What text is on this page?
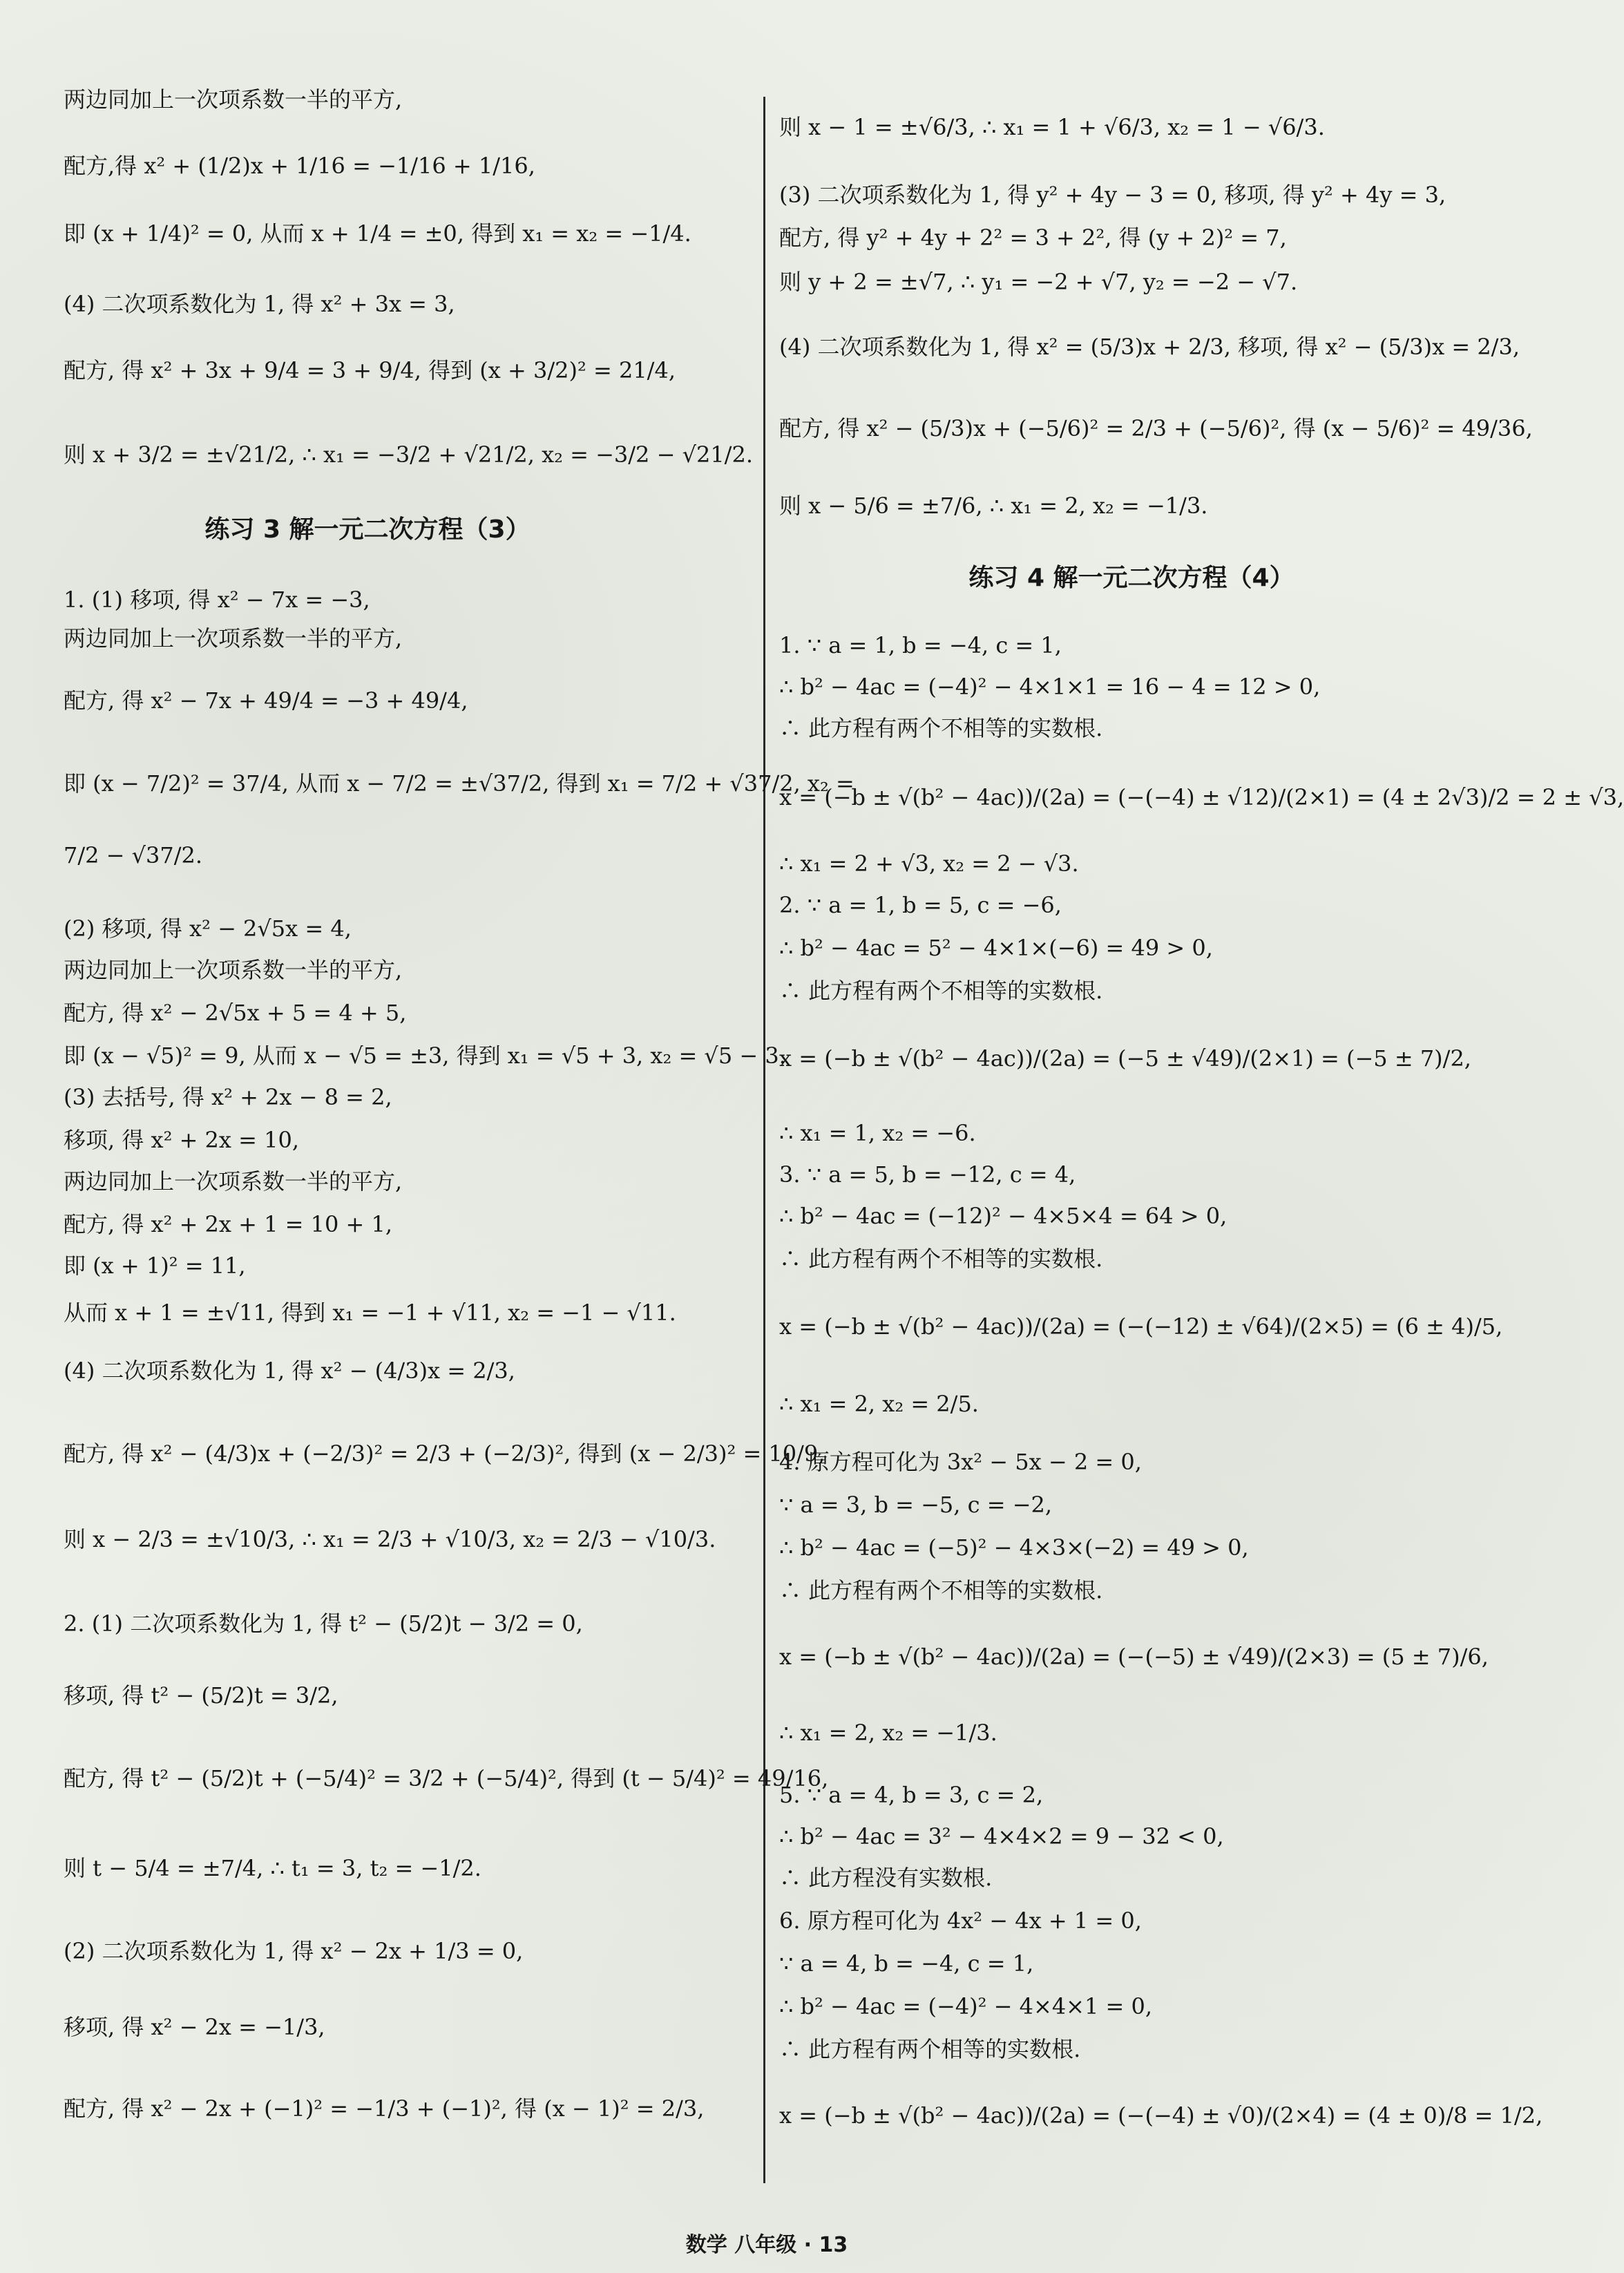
两边同加上一次项系数一半的平方,
配方,得 x² + (1/2)x + 1/16 = −1/16 + 1/16,
即 (x + 1/4)² = 0, 从而 x + 1/4 = ±0, 得到 x₁ = x₂ = −1/4.
(4) 二次项系数化为 1, 得 x² + 3x = 3,
配方, 得 x² + 3x + 9/4 = 3 + 9/4, 得到 (x + 3/2)² = 21/4,
则 x + 3/2 = ±√21/2, ∴ x₁ = −3/2 + √21/2, x₂ = −3/2 − √21/2.
练习 3 解一元二次方程（3）
1. (1) 移项, 得 x² − 7x = −3,
两边同加上一次项系数一半的平方,
配方, 得 x² − 7x + 49/4 = −3 + 49/4,
即 (x − 7/2)² = 37/4, 从而 x − 7/2 = ±√37/2, 得到 x₁ = 7/2 + √37/2, x₂ =
7/2 − √37/2.
(2) 移项, 得 x² − 2√5x = 4,
两边同加上一次项系数一半的平方,
配方, 得 x² − 2√5x + 5 = 4 + 5,
即 (x − √5)² = 9, 从而 x − √5 = ±3, 得到 x₁ = √5 + 3, x₂ = √5 − 3.
(3) 去括号, 得 x² + 2x − 8 = 2,
移项, 得 x² + 2x = 10,
两边同加上一次项系数一半的平方,
配方, 得 x² + 2x + 1 = 10 + 1,
即 (x + 1)² = 11,
从而 x + 1 = ±√11, 得到 x₁ = −1 + √11, x₂ = −1 − √11.
(4) 二次项系数化为 1, 得 x² − (4/3)x = 2/3,
配方, 得 x² − (4/3)x + (−2/3)² = 2/3 + (−2/3)², 得到 (x − 2/3)² = 10/9,
则 x − 2/3 = ±√10/3, ∴ x₁ = 2/3 + √10/3, x₂ = 2/3 − √10/3.
2. (1) 二次项系数化为 1, 得 t² − (5/2)t − 3/2 = 0,
移项, 得 t² − (5/2)t = 3/2,
配方, 得 t² − (5/2)t + (−5/4)² = 3/2 + (−5/4)², 得到 (t − 5/4)² = 49/16,
则 t − 5/4 = ±7/4, ∴ t₁ = 3, t₂ = −1/2.
(2) 二次项系数化为 1, 得 x² − 2x + 1/3 = 0,
移项, 得 x² − 2x = −1/3,
配方, 得 x² − 2x + (−1)² = −1/3 + (−1)², 得 (x − 1)² = 2/3,
则 x − 1 = ±√6/3, ∴ x₁ = 1 + √6/3, x₂ = 1 − √6/3.
(3) 二次项系数化为 1, 得 y² + 4y − 3 = 0, 移项, 得 y² + 4y = 3,
配方, 得 y² + 4y + 2² = 3 + 2², 得 (y + 2)² = 7,
则 y + 2 = ±√7, ∴ y₁ = −2 + √7, y₂ = −2 − √7.
(4) 二次项系数化为 1, 得 x² = (5/3)x + 2/3, 移项, 得 x² − (5/3)x = 2/3,
配方, 得 x² − (5/3)x + (−5/6)² = 2/3 + (−5/6)², 得 (x − 5/6)² = 49/36,
则 x − 5/6 = ±7/6, ∴ x₁ = 2, x₂ = −1/3.
练习 4 解一元二次方程（4）
1. ∵ a = 1, b = −4, c = 1,
∴ b² − 4ac = (−4)² − 4×1×1 = 16 − 4 = 12 > 0,
∴ 此方程有两个不相等的实数根.
x = (−b ± √(b² − 4ac))/(2a) = (−(−4) ± √12)/(2×1) = (4 ± 2√3)/2 = 2 ± √3,
∴ x₁ = 2 + √3, x₂ = 2 − √3.
2. ∵ a = 1, b = 5, c = −6,
∴ b² − 4ac = 5² − 4×1×(−6) = 49 > 0,
∴ 此方程有两个不相等的实数根.
x = (−b ± √(b² − 4ac))/(2a) = (−5 ± √49)/(2×1) = (−5 ± 7)/2,
∴ x₁ = 1, x₂ = −6.
3. ∵ a = 5, b = −12, c = 4,
∴ b² − 4ac = (−12)² − 4×5×4 = 64 > 0,
∴ 此方程有两个不相等的实数根.
x = (−b ± √(b² − 4ac))/(2a) = (−(−12) ± √64)/(2×5) = (6 ± 4)/5,
∴ x₁ = 2, x₂ = 2/5.
4. 原方程可化为 3x² − 5x − 2 = 0,
∵ a = 3, b = −5, c = −2,
∴ b² − 4ac = (−5)² − 4×3×(−2) = 49 > 0,
∴ 此方程有两个不相等的实数根.
x = (−b ± √(b² − 4ac))/(2a) = (−(−5) ± √49)/(2×3) = (5 ± 7)/6,
∴ x₁ = 2, x₂ = −1/3.
5. ∵ a = 4, b = 3, c = 2,
∴ b² − 4ac = 3² − 4×4×2 = 9 − 32 < 0,
∴ 此方程没有实数根.
6. 原方程可化为 4x² − 4x + 1 = 0,
∵ a = 4, b = −4, c = 1,
∴ b² − 4ac = (−4)² − 4×4×1 = 0,
∴ 此方程有两个相等的实数根.
x = (−b ± √(b² − 4ac))/(2a) = (−(−4) ± √0)/(2×4) = (4 ± 0)/8 = 1/2,
数学 八年级 · 13
